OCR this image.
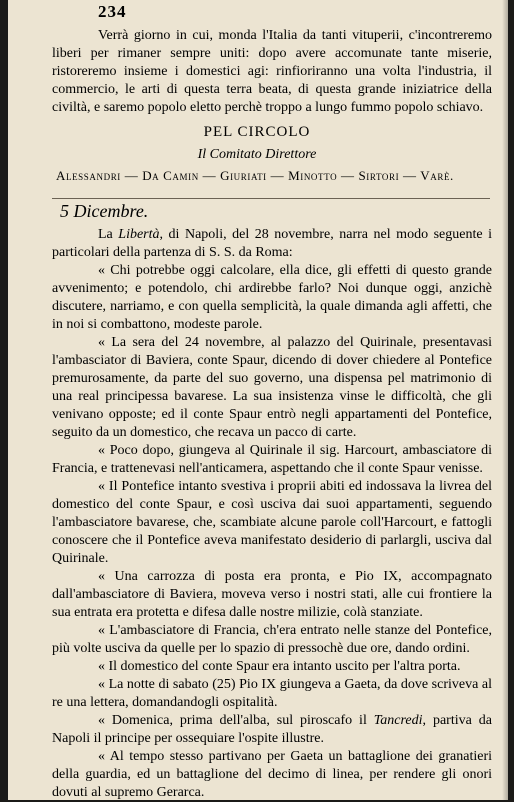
234
Verrà giorno in cui, monda l'Italia da tanti vituperii, c'incontreremo liberi per rimaner sempre uniti: dopo avere accomunate tante miserie, ristoreremo insieme i domestici agi: rinfioriranno una volta l'industria, il commercio, le arti di questa terra beata, di questa grande iniziatrice della civiltà, e saremo popolo eletto perchè troppo a lungo fummo popolo schiavo.
PEL CIRCOLO
Il Comitato Direttore
Alessandri — Da Camin — Giuriati — Minotto — Sirtori — Varè.
5 Dicembre.

La Libertà, di Napoli, del 28 novembre, narra nel modo seguente i particolari della partenza di S. S. da Roma:

« Chi potrebbe oggi calcolare, ella dice, gli effetti di questo grande avvenimento; e potendolo, chi ardirebbe farlo? Noi dunque oggi, anzichè discutere, narriamo, e con quella semplicità, la quale dimanda agli affetti, che in noi si combattono, modeste parole.

« La sera del 24 novembre, al palazzo del Quirinale, presentavasi l'ambasciator di Baviera, conte Spaur, dicendo di dover chiedere al Pontefice premurosamente, da parte del suo governo, una dispensa pel matrimonio di una real principessa bavarese. La sua insistenza vinse le difficoltà, che gli venivano opposte; ed il conte Spaur entrò negli appartamenti del Pontefice, seguito da un domestico, che recava un pacco di carte.

« Poco dopo, giungeva al Quirinale il sig. Harcourt, ambasciatore di Francia, e trattenevasi nell'anticamera, aspettando che il conte Spaur venisse.

« Il Pontefice intanto svestiva i proprii abiti ed indossava la livrea del domestico del conte Spaur, e così usciva dai suoi appartamenti, seguendo l'ambasciatore bavarese, che, scambiate alcune parole coll'Harcourt, e fattogli conoscere che il Pontefice aveva manifestato desiderio di parlargli, usciva dal Quirinale.

« Una carrozza di posta era pronta, e Pio IX, accompagnato dall'ambasciatore di Baviera, moveva verso i nostri stati, alle cui frontiere la sua entrata era protetta e difesa dalle nostre milizie, colà stanziate.

« L'ambasciatore di Francia, ch'era entrato nelle stanze del Pontefice, più volte usciva da quelle per lo spazio di pressochè due ore, dando ordini.

« Il domestico del conte Spaur era intanto uscito per l'altra porta.

« La notte di sabato (25) Pio IX giungeva a Gaeta, da dove scriveva al re una lettera, domandandogli ospitalità.

« Domenica, prima dell'alba, sul piroscafo il Tancredi, partiva da Napoli il principe per ossequiare l'ospite illustre.

« Al tempo stesso partivano per Gaeta un battaglione dei granatieri della guardia, ed un battaglione del decimo di linea, per rendere gli onori dovuti al supremo Gerarca.
